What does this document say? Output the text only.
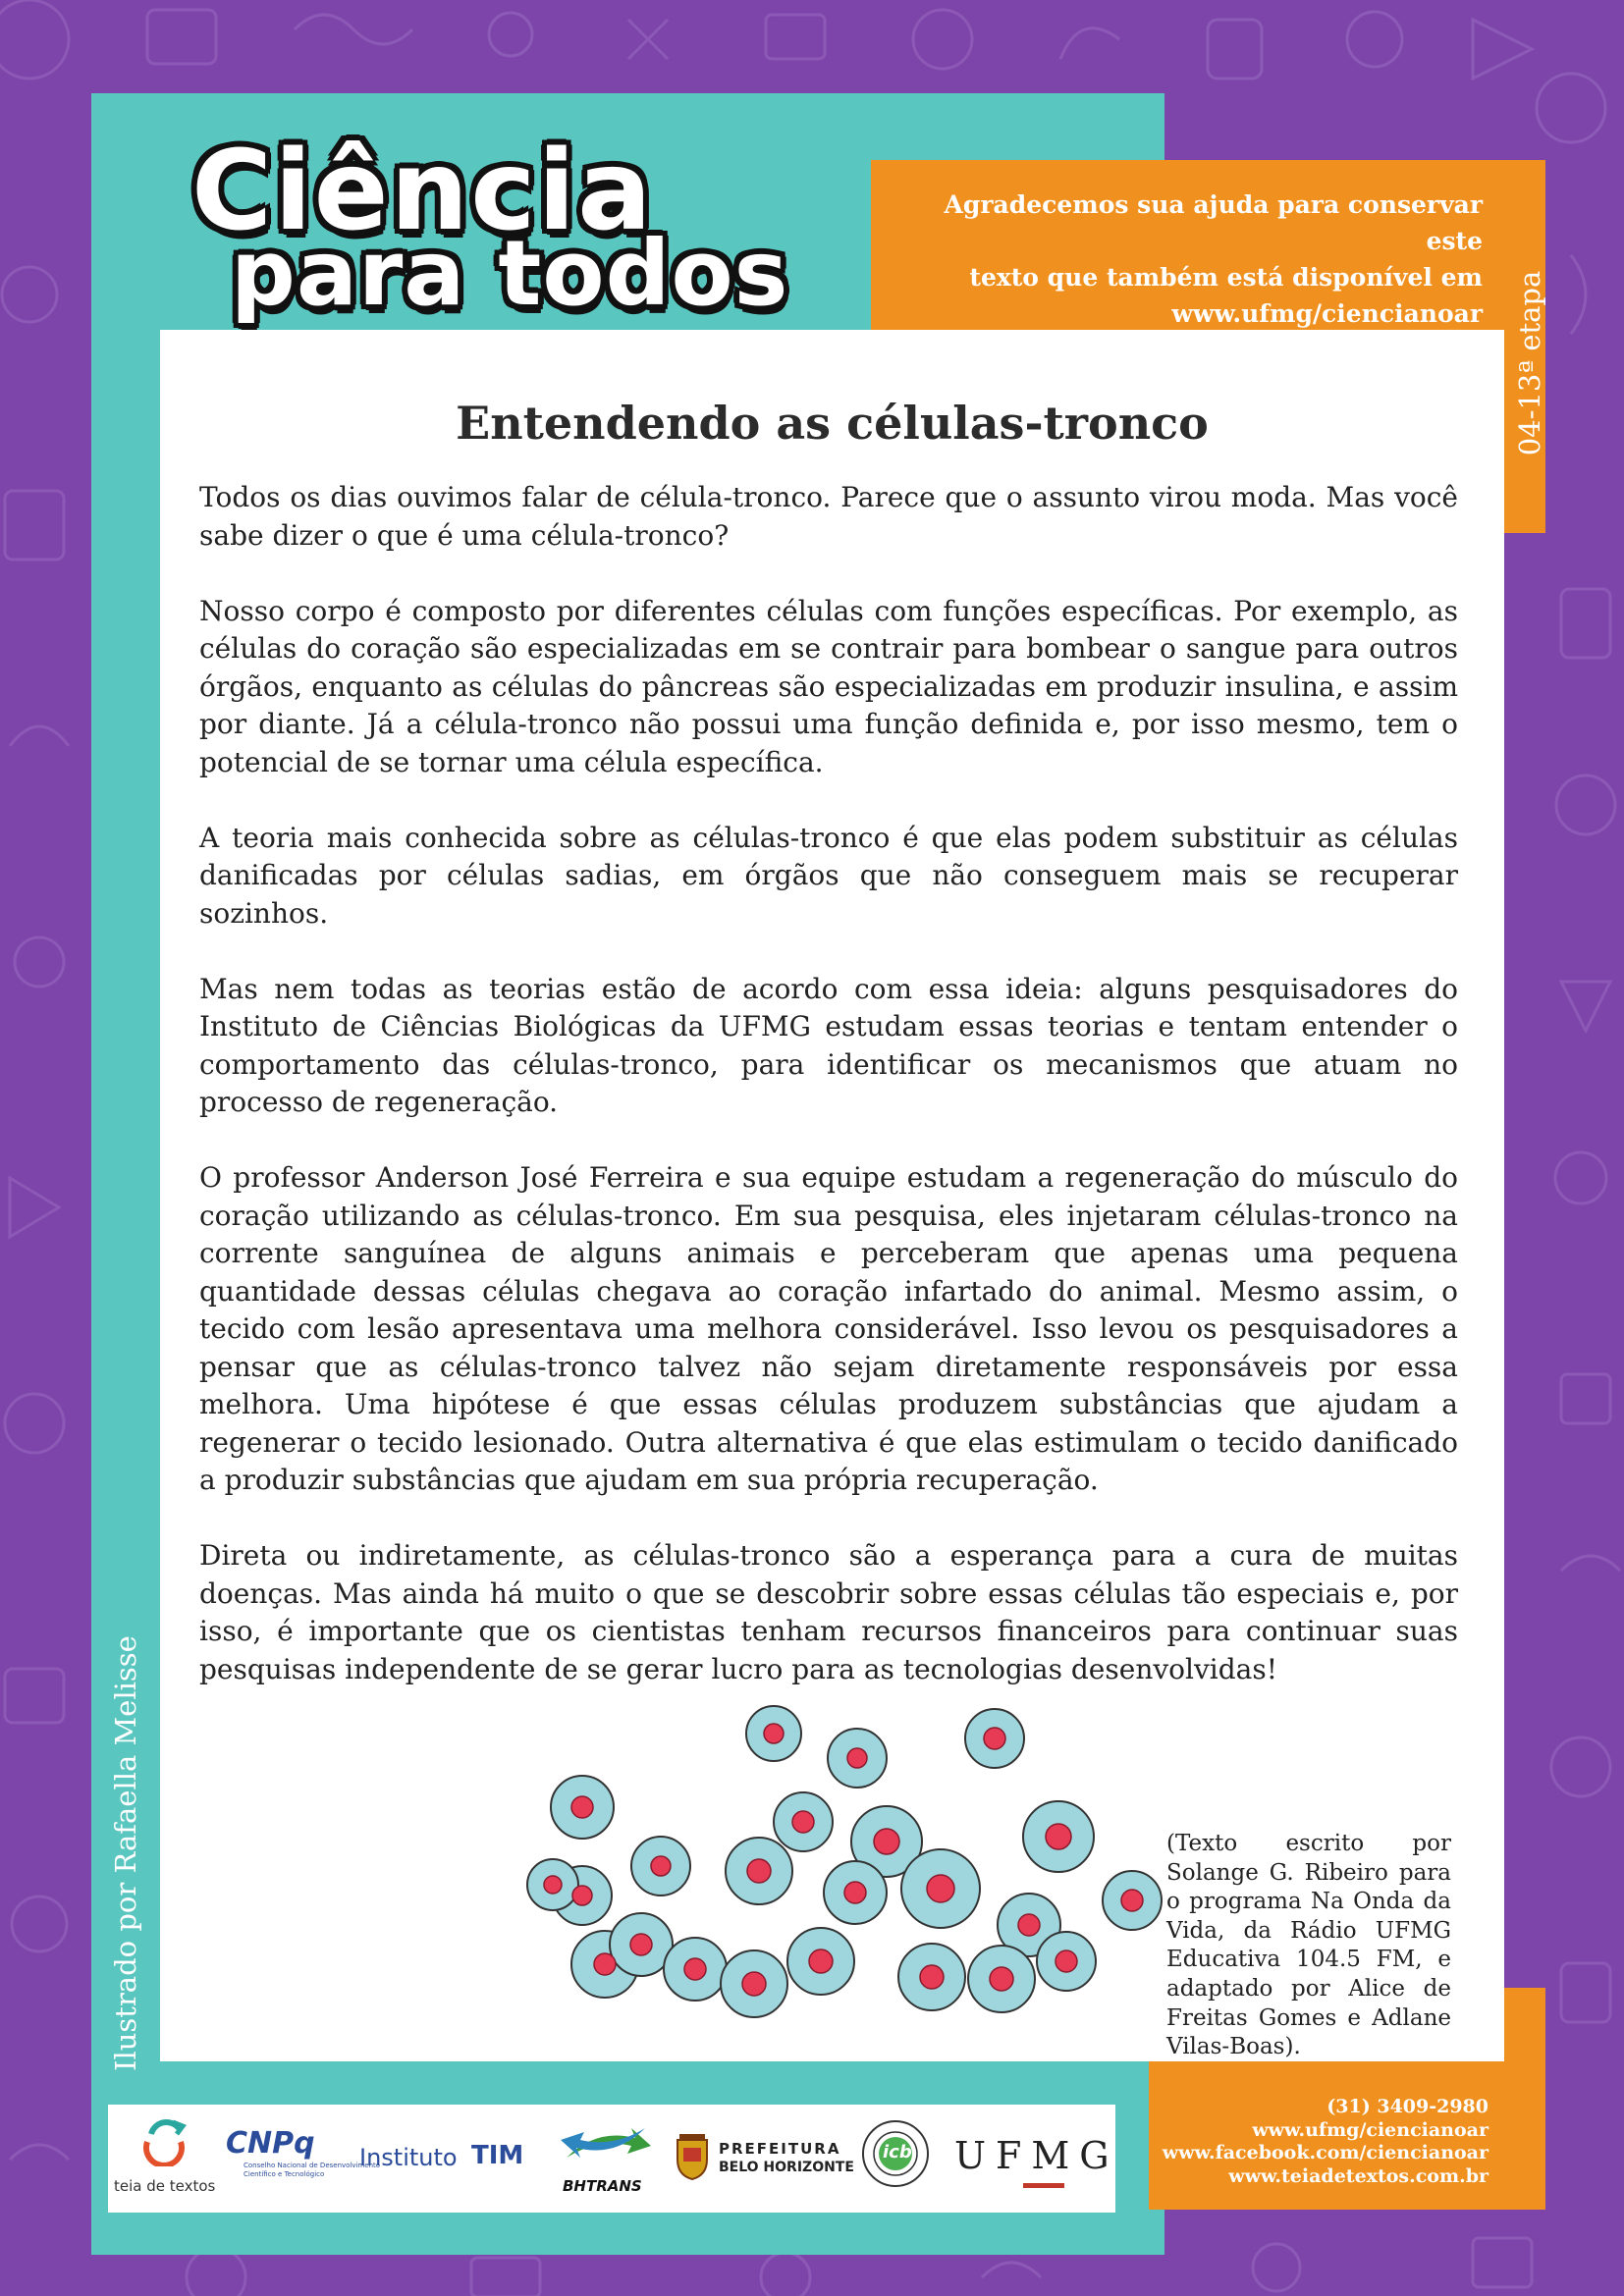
Ciência
para todos
Agradecemos sua ajuda para conservar este
texto que também está disponível em
www.ufmg/ciencianoar 04-13ª etapa
Entendendo as células-tronco

Todos os dias ouvimos falar de célula-tronco. Parece que o assunto virou moda. Mas você sabe dizer o que é uma célula-tronco?

Nosso corpo é composto por diferentes células com funções específicas. Por exemplo, as células do coração são especializadas em se contrair para bombear o sangue para outros órgãos, enquanto as células do pâncreas são especializadas em produzir insulina, e assim por diante. Já a célula-tronco não possui uma função definida e, por isso mesmo, tem o potencial de se tornar uma célula específica.

A teoria mais conhecida sobre as células-tronco é que elas podem substituir as células danificadas por células sadias, em órgãos que não conseguem mais se recuperar sozinhos.

Mas nem todas as teorias estão de acordo com essa ideia: alguns pesquisadores do Instituto de Ciências Biológicas da UFMG estudam essas teorias e tentam entender o comportamento das células-tronco, para identificar os mecanismos que atuam no processo de regeneração.

O professor Anderson José Ferreira e sua equipe estudam a regeneração do músculo do coração utilizando as células-tronco. Em sua pesquisa, eles injetaram células-tronco na corrente sanguínea de alguns animais e perceberam que apenas uma pequena quantidade dessas células chegava ao coração infartado do animal. Mesmo assim, o tecido com lesão apresentava uma melhora considerável. Isso levou os pesquisadores a pensar que as células-tronco talvez não sejam diretamente responsáveis por essa melhora. Uma hipótese é que essas células produzem substâncias que ajudam a regenerar o tecido lesionado. Outra alternativa é que elas estimulam o tecido danificado a produzir substâncias que ajudam em sua própria recuperação.

Direta ou indiretamente, as células-tronco são a esperança para a cura de muitas doenças. Mas ainda há muito o que se descobrir sobre essas células tão especiais e, por isso, é importante que os cientistas tenham recursos financeiros para continuar suas pesquisas independente de se gerar lucro para as tecnologias desenvolvidas!

(Texto escrito por Solange G. Ribeiro para o programa Na Onda da Vida, da Rádio UFMG Educativa 104.5 FM, e adaptado por Alice de Freitas Gomes e Adlane Vilas-Boas).
Ilustrado por Rafaella Melisse
teia de textos
CNPq
Conselho Nacional de Desenvolvimento
Científico e Tecnológico
Instituto TIM
BHTRANS
PREFEITURA
BELO HORIZONTE
icb UFMG
(31) 3409-2980
www.ufmg/ciencianoar
www.facebook.com/ciencianoar
www.teiadetextos.com.br
